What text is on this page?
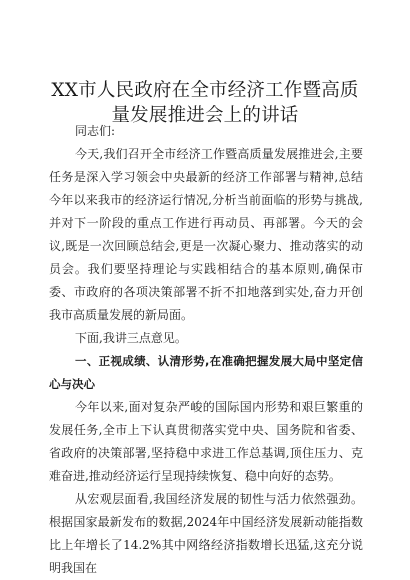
XX市人民政府在全市经济工作暨高质量发展推进会上的讲话

同志们:

今天,我们召开全市经济工作暨高质量发展推进会,主要任务是深入学习领会中央最新的经济工作部署与精神,总结今年以来我市的经济运行情况,分析当前面临的形势与挑战,并对下一阶段的重点工作进行再动员、再部署。今天的会议,既是一次回顾总结会,更是一次凝心聚力、推动落实的动员会。我们要坚持理论与实践相结合的基本原则,确保市委、市政府的各项决策部署不折不扣地落到实处,奋力开创我市高质量发展的新局面。

下面,我讲三点意见。

一、正视成绩、认清形势,在准确把握发展大局中坚定信心与决心

今年以来,面对复杂严峻的国际国内形势和艰巨繁重的发展任务,全市上下认真贯彻落实党中央、国务院和省委、省政府的决策部署,坚持稳中求进工作总基调,顶住压力、克难奋进,推动经济运行呈现持续恢复、稳中向好的态势。

从宏观层面看,我国经济发展的韧性与活力依然强劲。根据国家最新发布的数据,2024年中国经济发展新动能指数比上年增长了14.2%其中网络经济指数增长迅猛,这充分说明我国在
